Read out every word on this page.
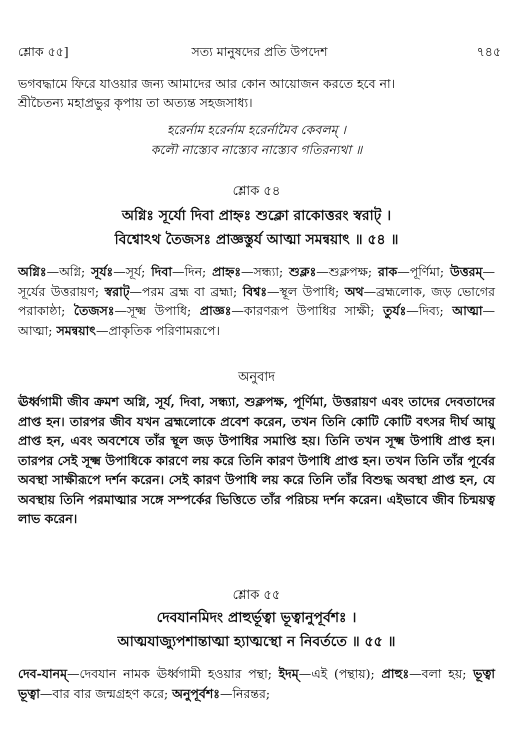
শ্লোক ৫৫]	সত্য মানুষদের প্রতি উপদেশ	৭৪৫
ভগবদ্ধামে ফিরে যাওয়ার জন্য আমাদের আর কোন আয়োজন করতে হবে না।
শ্রীচৈতন্য মহাপ্রভুর কৃপায় তা অত্যন্ত সহজসাধ্য।
হরের্নাম হরের্নাম হরের্নামৈব কেবলম্ ।
কলৌ নাস্ত্যেব নাস্ত্যেব নাস্ত্যেব গতিরন্যথা ॥
শ্লোক ৫৪
অগ্নিঃ সূর্যো দিবা প্রাহ্নঃ শুক্লো রাকোত্তরং স্বরাট্ ।
বিশ্বোঽথ তৈজসঃ প্রাজ্ঞস্তুর্য আত্মা সমন্বয়াৎ ॥ ৫৪ ॥
অগ্নিঃ—অগ্নি; সূর্যঃ—সূর্য; দিবা—দিন; প্রাহ্নঃ—সন্ধ্যা; শুক্লঃ—শুক্লপক্ষ; রাক—পূর্ণিমা; উত্তরম্—সূর্যের উত্তরায়ণ; স্বরাট্—পরম ব্রহ্ম বা ব্রহ্মা; বিশ্বঃ—স্থূল উপাধি; অথ—ব্রহ্মলোক, জড় ভোগের পরাকাষ্ঠা; তৈজসঃ—সূক্ষ্ম উপাধি; প্রাজ্ঞঃ—কারণরূপ উপাধির সাক্ষী; তুর্যঃ—দিব্য; আত্মা—আত্মা; সমন্বয়াৎ—প্রাকৃতিক পরিণামরূপে।
অনুবাদ
ঊর্ধ্বগামী জীব ক্রমশ অগ্নি, সূর্য, দিবা, সন্ধ্যা, শুক্লপক্ষ, পূর্ণিমা, উত্তরায়ণ এবং তাদের দেবতাদের প্রাপ্ত হন। তারপর জীব যখন ব্রহ্মলোকে প্রবেশ করেন, তখন তিনি কোটি কোটি বৎসর দীর্ঘ আয়ু প্রাপ্ত হন, এবং অবশেষে তাঁর স্থূল জড় উপাধির সমাপ্তি হয়। তিনি তখন সূক্ষ্ম উপাধি প্রাপ্ত হন। তারপর সেই সূক্ষ্ম উপাধিকে কারণে লয় করে তিনি কারণ উপাধি প্রাপ্ত হন। তখন তিনি তাঁর পূর্বের অবস্থা সাক্ষীরূপে দর্শন করেন। সেই কারণ উপাধি লয় করে তিনি তাঁর বিশুদ্ধ অবস্থা প্রাপ্ত হন, যে অবস্থায় তিনি পরমাত্মার সঙ্গে সম্পর্কের ভিত্তিতে তাঁর পরিচয় দর্শন করেন। এইভাবে জীব চিন্ময়ত্ব লাভ করেন।
শ্লোক ৫৫
দেবযানমিদং প্রাহুর্ভূত্বা ভূত্বানুপূর্বশঃ ।
আত্মযাজ্যুপশান্তাত্মা হ্যাত্মস্থো ন নিবর্ততে ॥ ৫৫ ॥
দেব-যানম্—দেবযান নামক ঊর্ধ্বগামী হওয়ার পন্থা; ইদম্—এই (পন্থায়); প্রাহুঃ—বলা হয়; ভূত্বা ভূত্বা—বার বার জন্মগ্রহণ করে; অনুপূর্বশঃ—নিরন্তর;
